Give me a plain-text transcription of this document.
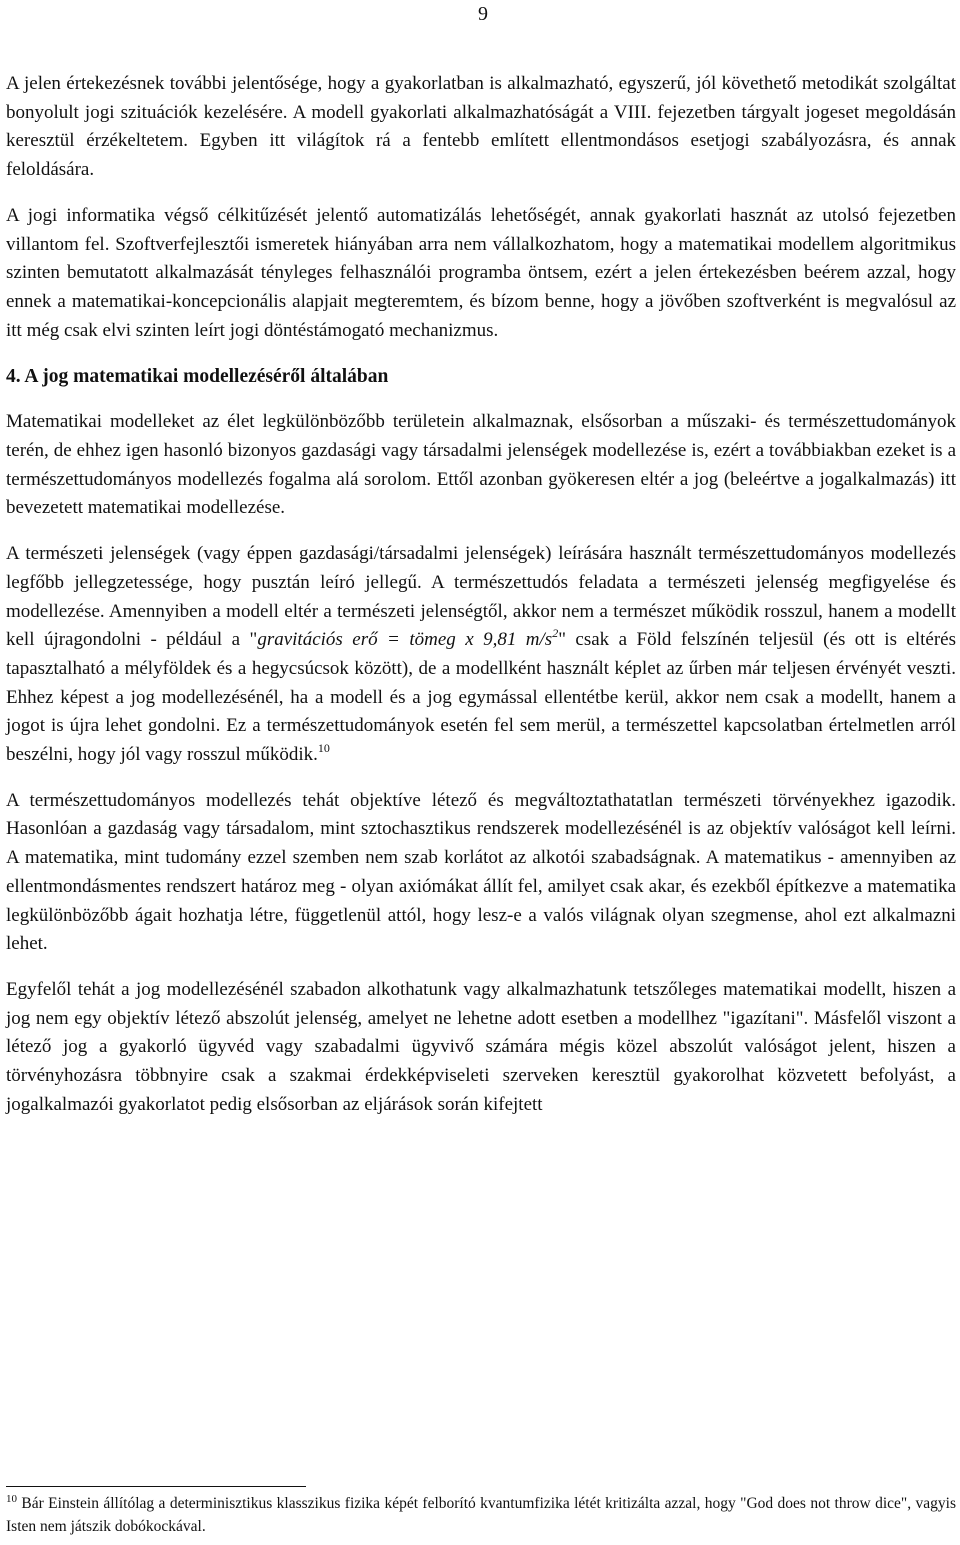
9

A jelen értekezésnek további jelentősége, hogy a gyakorlatban is alkalmazható, egyszerű, jól követhető metodikát szolgáltat bonyolult jogi szituációk kezelésére. A modell gyakorlati alkalmazhatóságát a VIII. fejezetben tárgyalt jogeset megoldásán keresztül érzékeltetem. Egyben itt világítok rá a fentebb említett ellentmondásos esetjogi szabályozásra, és annak feloldására.

A jogi informatika végső célkitűzését jelentő automatizálás lehetőségét, annak gyakorlati hasznát az utolsó fejezetben villantom fel. Szoftverfejlesztői ismeretek hiányában arra nem vállalkozhatom, hogy a matematikai modellem algoritmikus szinten bemutatott alkalmazását tényleges felhasználói programba öntsem, ezért a jelen értekezésben beérem azzal, hogy ennek a matematikai-koncepcionális alapjait megteremtem, és bízom benne, hogy a jövőben szoftverként is megvalósul az itt még csak elvi szinten leírt jogi döntéstámogató mechanizmus.

4. A jog matematikai modellezéséről általában

Matematikai modelleket az élet legkülönbözőbb területein alkalmaznak, elsősorban a műszaki- és természettudományok terén, de ehhez igen hasonló bizonyos gazdasági vagy társadalmi jelenségek modellezése is, ezért a továbbiakban ezeket is a természettudományos modellezés fogalma alá sorolom. Ettől azonban gyökeresen eltér a jog (beleértve a jogalkalmazás) itt bevezetett matematikai modellezése.

A természeti jelenségek (vagy éppen gazdasági/társadalmi jelenségek) leírására használt természettudományos modellezés legfőbb jellegzetessége, hogy pusztán leíró jellegű. A természettudós feladata a természeti jelenség megfigyelése és modellezése. Amennyiben a modell eltér a természeti jelenségtől, akkor nem a természet működik rosszul, hanem a modellt kell újragondolni - például a "gravitációs erő = tömeg x 9,81 $m/s^2$" csak a Föld felszínén teljesül (és ott is eltérés tapasztalható a mélyföldek és a hegycsúcsok között), de a modellként használt képlet az űrben már teljesen érvényét veszti. Ehhez képest a jog modellezésénél, ha a modell és a jog egymással ellentétbe kerül, akkor nem csak a modellt, hanem a jogot is újra lehet gondolni. Ez a természettudományok esetén fel sem merül, a természettel kapcsolatban értelmetlen arról beszélni, hogy jól vagy rosszul működik.$^{10}$

A természettudományos modellezés tehát objektíve létező és megváltoztathatatlan természeti törvényekhez igazodik. Hasonlóan a gazdaság vagy társadalom, mint sztochasztikus rendszerek modellezésénél is az objektív valóságot kell leírni. A matematika, mint tudomány ezzel szemben nem szab korlátot az alkotói szabadságnak. A matematikus - amennyiben az ellentmondásmentes rendszert határoz meg - olyan axiómákat állít fel, amilyet csak akar, és ezekből építkezve a matematika legkülönbözőbb ágait hozhatja létre, függetlenül attól, hogy lesz-e a valós világnak olyan szegmense, ahol ezt alkalmazni lehet.

Egyfelől tehát a jog modellezésénél szabadon alkothatunk vagy alkalmazhatunk tetszőleges matematikai modellt, hiszen a jog nem egy objektív létező abszolút jelenség, amelyet ne lehetne adott esetben a modellhez "igazítani". Másfelől viszont a létező jog a gyakorló ügyvéd vagy szabadalmi ügyvivő számára mégis közel abszolút valóságot jelent, hiszen a törvényhozásra többnyire csak a szakmai érdekképviseleti szerveken keresztül gyakorolhat közvetett befolyást, a jogalkalmazói gyakorlatot pedig elsősorban az eljárások során kifejtett

$^{10}$ Bár Einstein állítólag a determinisztikus klasszikus fizika képét felborító kvantumfizika létét kritizálta azzal, hogy "God does not throw dice", vagyis Isten nem játszik dobókockával.
